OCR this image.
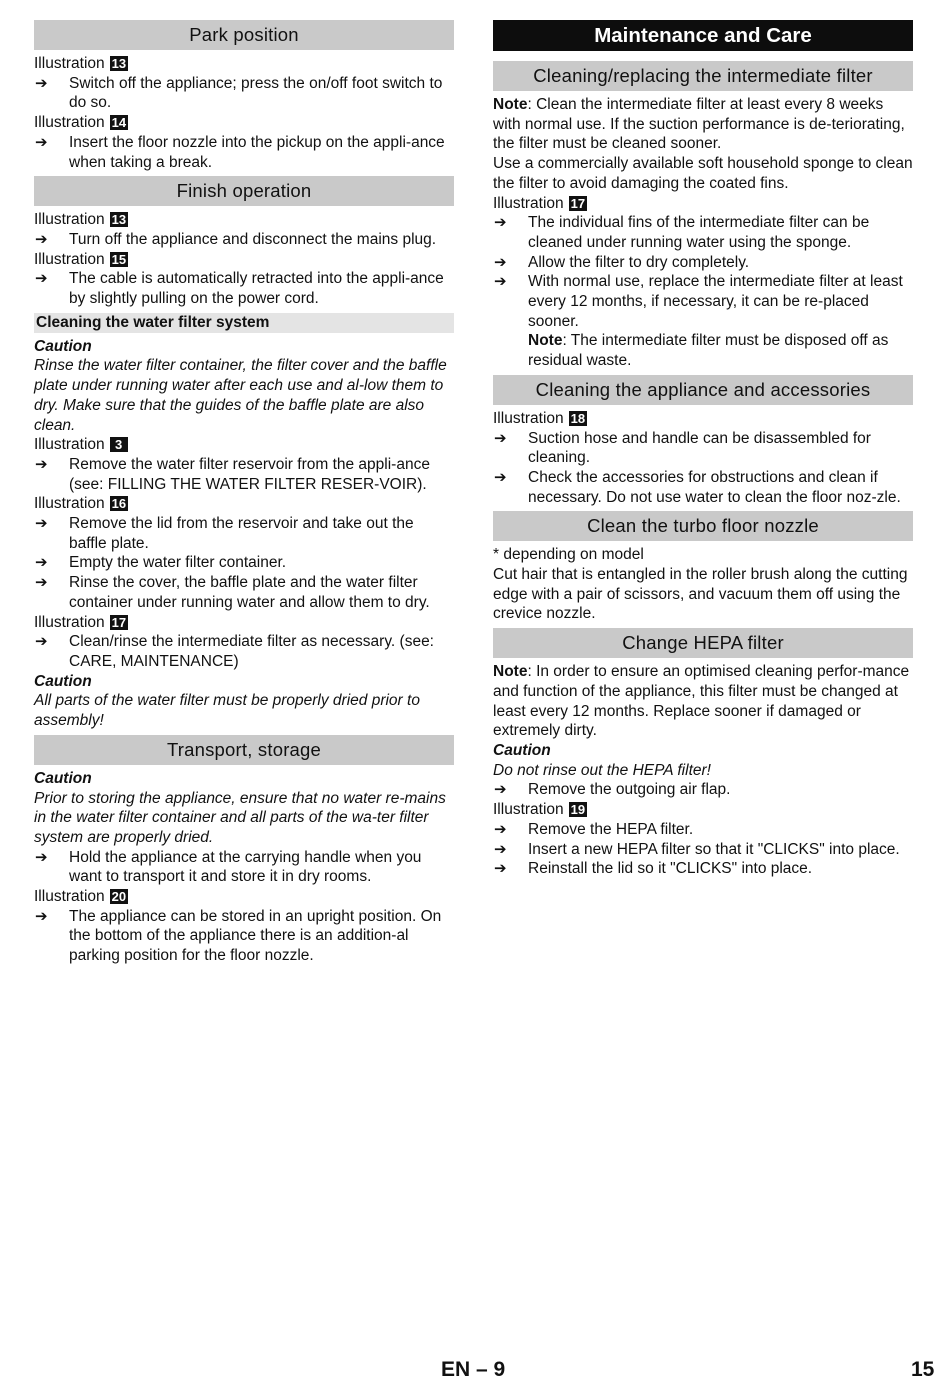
Park position
Illustration 13
➔	Switch off the appliance; press the on/off foot switch to do so.
Illustration 14
➔	Insert the floor nozzle into the pickup on the appli-ance when taking a break.
Finish operation
Illustration 13
➔	Turn off the appliance and disconnect the mains plug.
Illustration 15
➔	The cable is automatically retracted into the appli-ance by slightly pulling on the power cord.
Cleaning the water filter system
Caution
Rinse the water filter container, the filter cover and the baffle plate under running water after each use and al-low them to dry. Make sure that the guides of the baffle plate are also clean.
Illustration 3
➔	Remove the water filter reservoir from the appli-ance (see: FILLING THE WATER FILTER RESER-VOIR).
Illustration 16
➔	Remove the lid from the reservoir and take out the baffle plate.
➔	Empty the water filter container.
➔	Rinse the cover, the baffle plate and the water filter container under running water and allow them to dry.
Illustration 17
➔	Clean/rinse the intermediate filter as necessary. (see: CARE, MAINTENANCE)
Caution
All parts of the water filter must be properly dried prior to assembly!
Transport, storage
Caution
Prior to storing the appliance, ensure that no water re-mains in the water filter container and all parts of the wa-ter filter system are properly dried.
➔	Hold the appliance at the carrying handle when you want to transport it and store it in dry rooms.
Illustration 20
➔	The appliance can be stored in an upright position. On the bottom of the appliance there is an addition-al parking position for the floor nozzle.
Maintenance and Care
Cleaning/replacing the intermediate filter
Note: Clean the intermediate filter at least every 8 weeks with normal use. If the suction performance is de-teriorating, the filter must be cleaned sooner.
Use a commercially available soft household sponge to clean the filter to avoid damaging the coated fins.
Illustration 17
➔	The individual fins of the intermediate filter can be cleaned under running water using the sponge.
➔	Allow the filter to dry completely.
➔	With normal use, replace the intermediate filter at least every 12 months, if necessary, it can be re-placed sooner.
Note: The intermediate filter must be disposed off as residual waste.
Cleaning the appliance and accessories
Illustration 18
➔	Suction hose and handle can be disassembled for cleaning.
➔	Check the accessories for obstructions and clean if necessary. Do not use water to clean the floor noz-zle.
Clean the turbo floor nozzle
* depending on model
Cut hair that is entangled in the roller brush along the cutting edge with a pair of scissors, and vacuum them off using the crevice nozzle.
Change HEPA filter
Note: In order to ensure an optimised cleaning perfor-mance and function of the appliance, this filter must be changed at least every 12 months. Replace sooner if damaged or extremely dirty.
Caution
Do not rinse out the HEPA filter!
➔	Remove the outgoing air flap.
Illustration 19
➔	Remove the HEPA filter.
➔	Insert a new HEPA filter so that it "CLICKS" into place.
➔	Reinstall the lid so it "CLICKS" into place.
EN – 9	15
